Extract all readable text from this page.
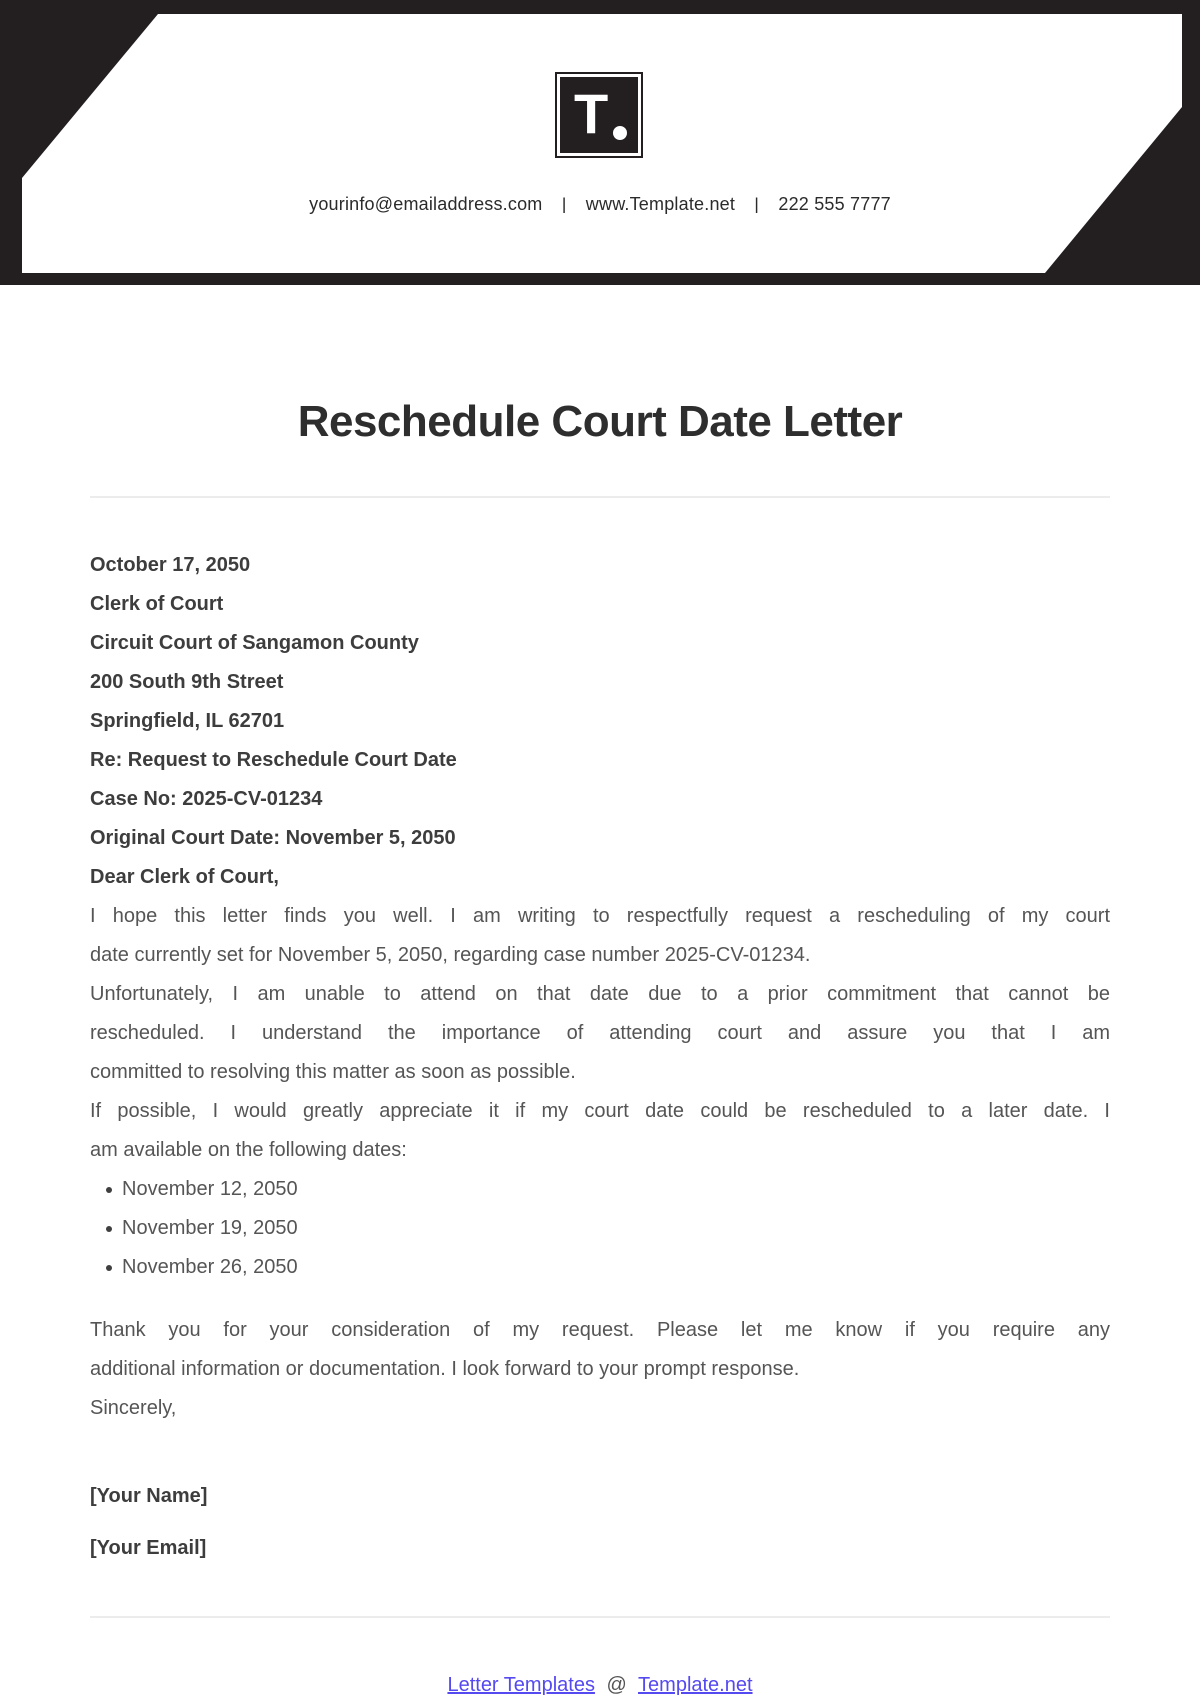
T
yourinfo@emailaddress.com | www.Template.net | 222 555 7777
Reschedule Court Date Letter
October 17, 2050
Clerk of Court
Circuit Court of Sangamon County
200 South 9th Street
Springfield, IL 62701
Re: Request to Reschedule Court Date
Case No: 2025-CV-01234
Original Court Date: November 5, 2050
Dear Clerk of Court,
I hope this letter finds you well. I am writing to respectfully request a rescheduling of my court
date currently set for November 5, 2050, regarding case number 2025-CV-01234.
Unfortunately, I am unable to attend on that date due to a prior commitment that cannot be
rescheduled. I understand the importance of attending court and assure you that I am
committed to resolving this matter as soon as possible.
If possible, I would greatly appreciate it if my court date could be rescheduled to a later date. I
am available on the following dates:
November 12, 2050
November 19, 2050
November 26, 2050
Thank you for your consideration of my request. Please let me know if you require any
additional information or documentation. I look forward to your prompt response.
Sincerely,
[Your Name]
[Your Email]
Letter Templates @ Template.net
